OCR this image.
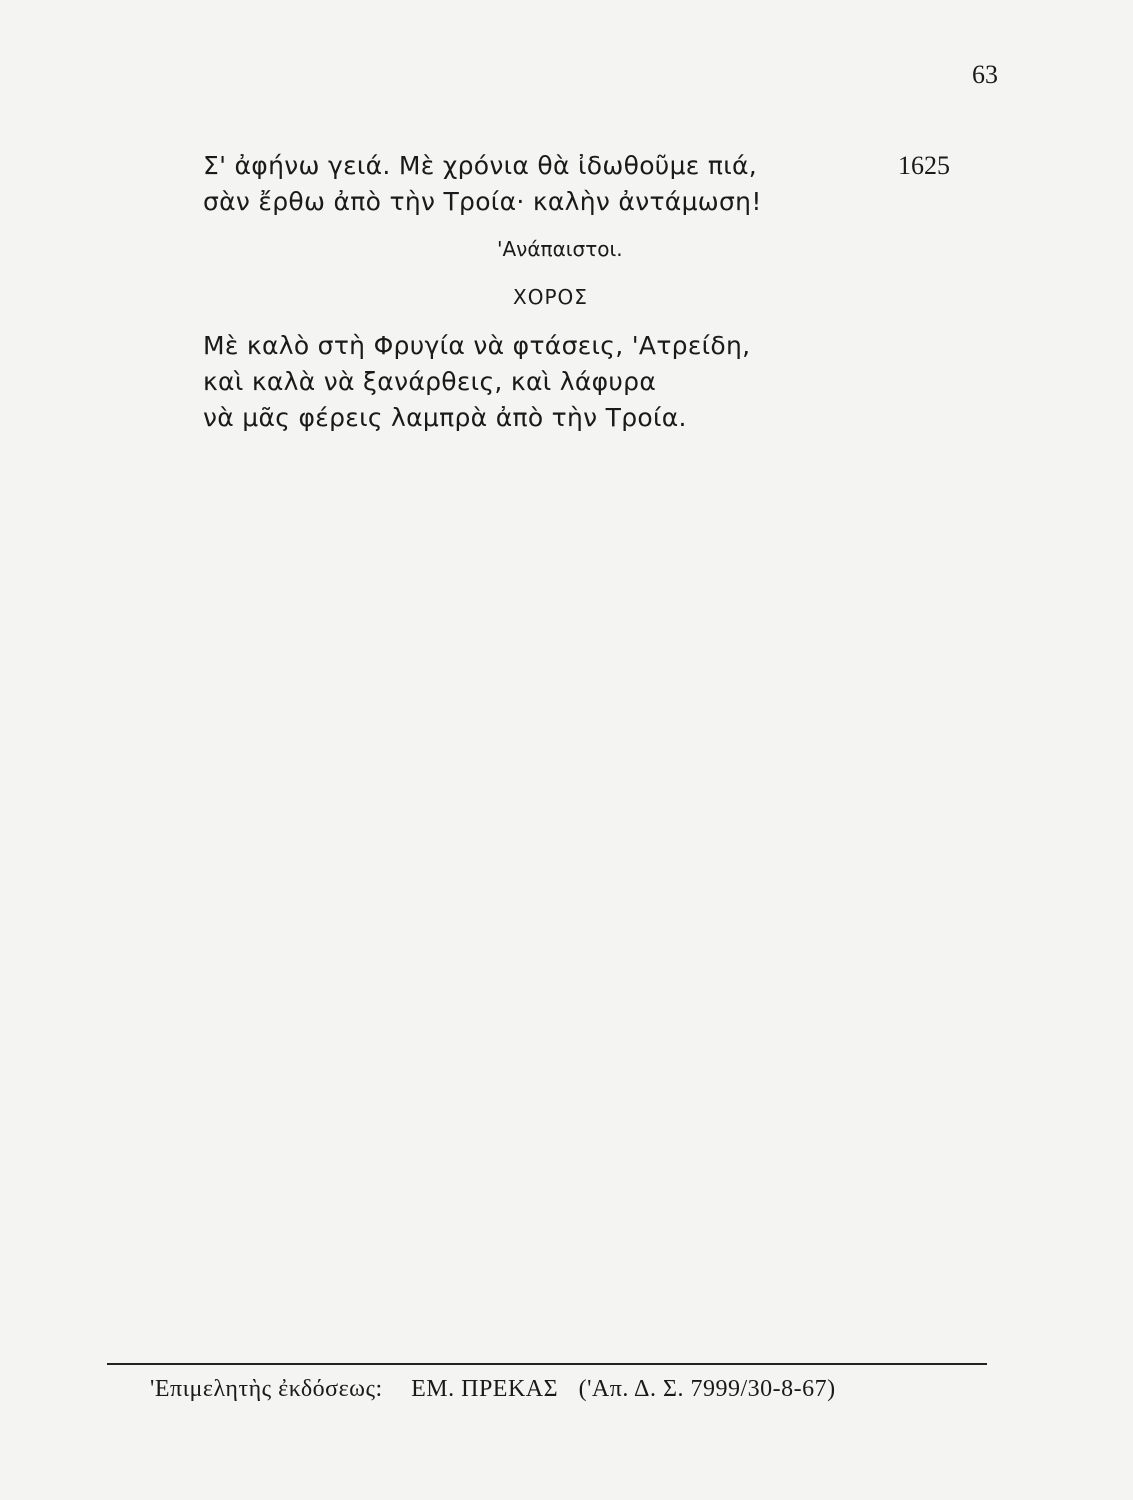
63
Σ' ἀφήνω γειά. Μὲ χρόνια θὰ ἰδωθοῦμε πιά,	1625
σὰν ἔρθω ἀπὸ τὴν Τροία· καλὴν ἀντάμωση!
'Ανάπαιστοι.
ΧΟΡΟΣ
Μὲ καλὸ στὴ Φρυγία νὰ φτάσεις, 'Ατρείδη,
καὶ καλὰ νὰ ξανάρθεις, καὶ λάφυρα
νὰ μᾶς φέρεις λαμπρὰ ἀπὸ τὴν Τροία.
'Επιμελητὴς ἐκδόσεως: ΕΜ. ΠΡΕΚΑΣ ('Απ. Δ. Σ. 7999/30-8-67)
